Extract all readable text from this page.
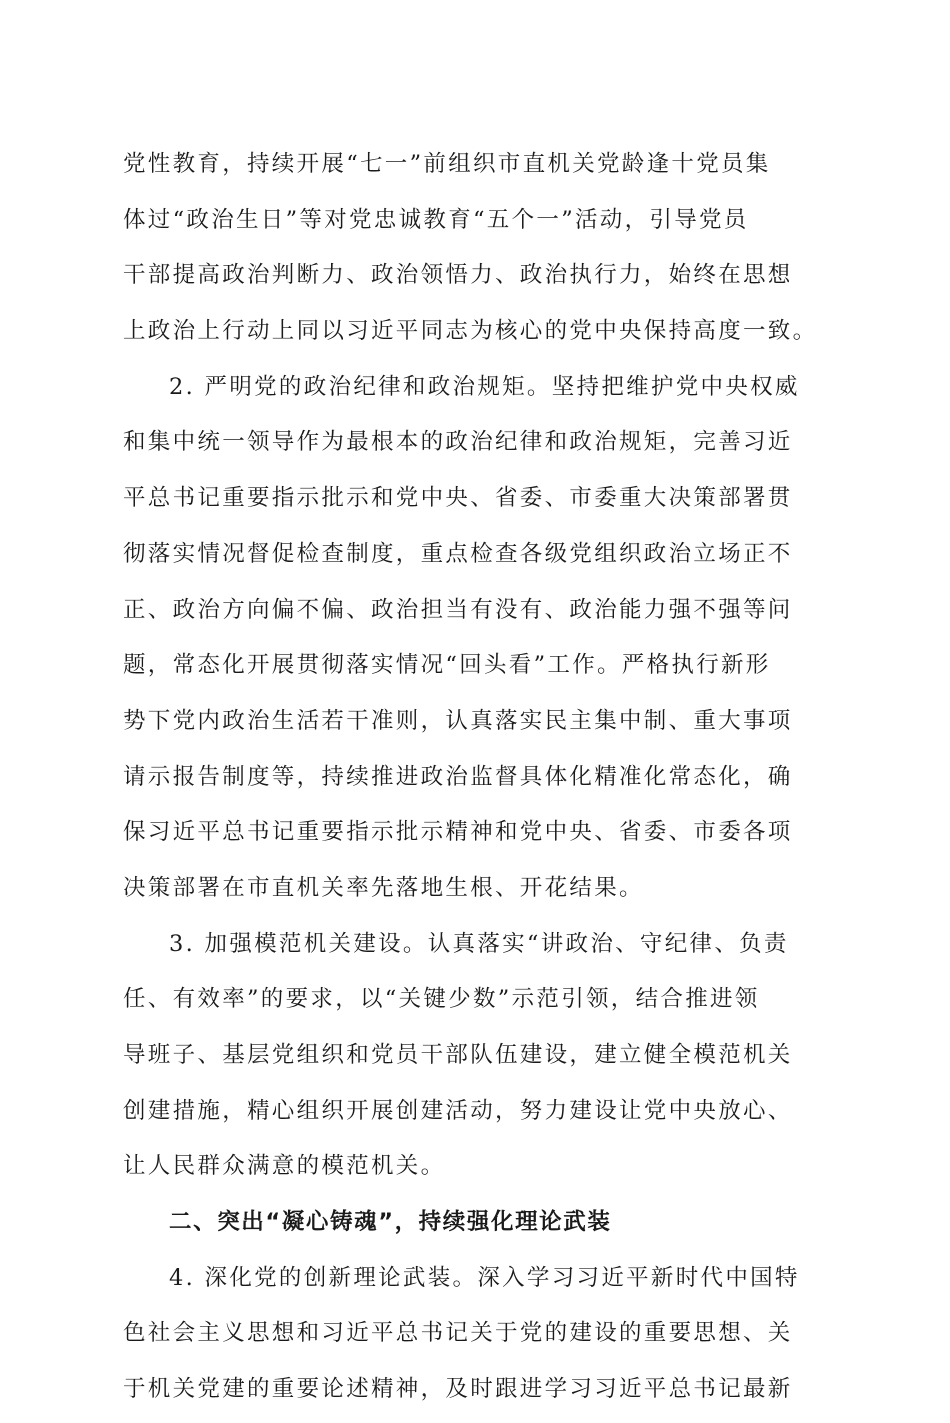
党性教育，持续开展“七一”前组织市直机关党龄逢十党员集
体过“政治生日”等对党忠诚教育“五个一”活动，引导党员
干部提高政治判断力、政治领悟力、政治执行力，始终在思想
上政治上行动上同以习近平同志为核心的党中央保持高度一致。
2. 严明党的政治纪律和政治规矩。坚持把维护党中央权威
和集中统一领导作为最根本的政治纪律和政治规矩，完善习近
平总书记重要指示批示和党中央、省委、市委重大决策部署贯
彻落实情况督促检查制度，重点检查各级党组织政治立场正不
正、政治方向偏不偏、政治担当有没有、政治能力强不强等问
题，常态化开展贯彻落实情况“回头看”工作。严格执行新形
势下党内政治生活若干准则，认真落实民主集中制、重大事项
请示报告制度等，持续推进政治监督具体化精准化常态化，确
保习近平总书记重要指示批示精神和党中央、省委、市委各项
决策部署在市直机关率先落地生根、开花结果。
3. 加强模范机关建设。认真落实“讲政治、守纪律、负责
任、有效率”的要求，以“关键少数”示范引领，结合推进领
导班子、基层党组织和党员干部队伍建设，建立健全模范机关
创建措施，精心组织开展创建活动，努力建设让党中央放心、
让人民群众满意的模范机关。
二、突出“凝心铸魂”，持续强化理论武装
4. 深化党的创新理论武装。深入学习习近平新时代中国特
色社会主义思想和习近平总书记关于党的建设的重要思想、关
于机关党建的重要论述精神，及时跟进学习习近平总书记最新
